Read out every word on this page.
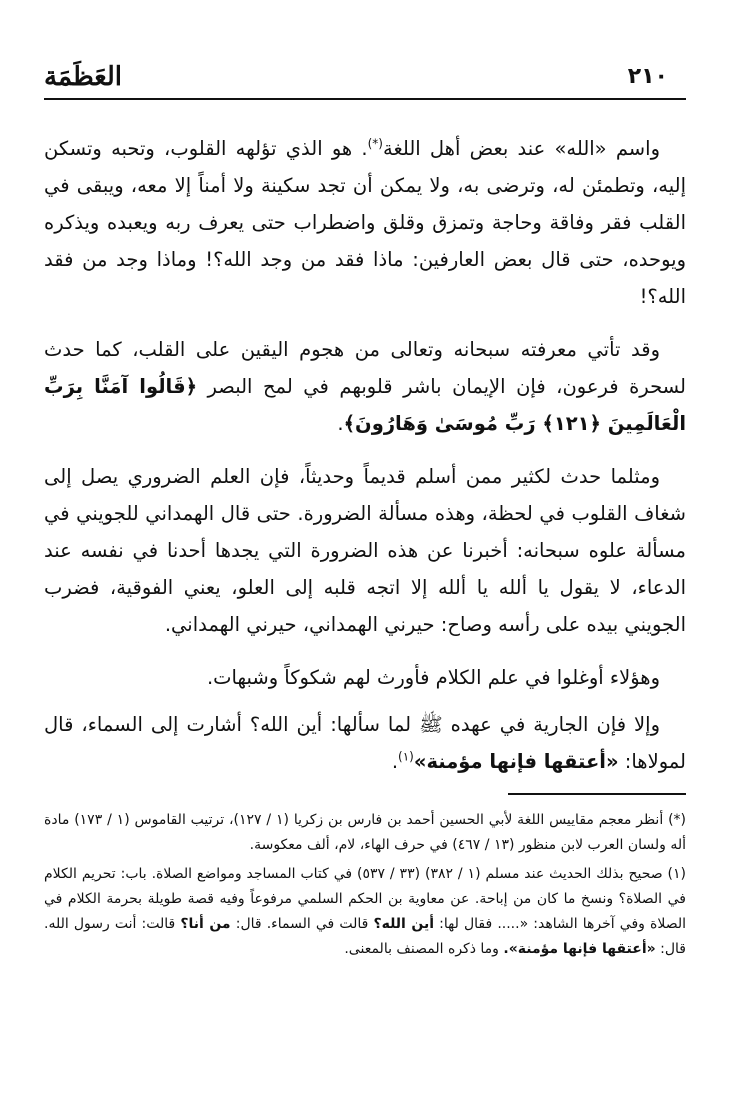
العَظَمَة	٢١٠

واسم «الله» عند بعض أهل اللغة(*). هو الذي تؤلهه القلوب، وتحبه وتسكن إليه، وتطمئن له، وترضى به، ولا يمكن أن تجد سكينة ولا أمناً إلا معه، ويبقى في القلب فقر وفاقة وحاجة وتمزق وقلق واضطراب حتى يعرف ربه ويعبده ويذكره ويوحده، حتى قال بعض العارفين: ماذا فقد من وجد الله؟! وماذا وجد من فقد الله؟!

وقد تأتي معرفته سبحانه وتعالى من هجوم اليقين على القلب، كما حدث لسحرة فرعون، فإن الإيمان باشر قلوبهم في لمح البصر ﴿قَالُوا آمَنَّا بِرَبِّ الْعَالَمِينَ ﴿١٢١﴾ رَبِّ مُوسَىٰ وَهَارُونَ﴾.

ومثلما حدث لكثير ممن أسلم قديماً وحديثاً، فإن العلم الضروري يصل إلى شغاف القلوب في لحظة، وهذه مسألة الضرورة. حتى قال الهمداني للجويني في مسألة علوه سبحانه: أخبرنا عن هذه الضرورة التي يجدها أحدنا في نفسه عند الدعاء، لا يقول يا ألله يا ألله إلا اتجه قلبه إلى العلو، يعني الفوقية، فضرب الجويني بيده على رأسه وصاح: حيرني الهمداني، حيرني الهمداني.

وهؤلاء أوغلوا في علم الكلام فأورث لهم شكوكاً وشبهات.

وإلا فإن الجارية في عهده ﷺ لما سألها: أين الله؟ أشارت إلى السماء، قال لمولاها: «أعتقها فإنها مؤمنة»$^{(١)}$.

(*) أنظر معجم مقاييس اللغة لأبي الحسين أحمد بن فارس بن زكريا (١ / ١٢٧)، ترتيب القاموس (١ / ١٧٣) مادة أله ولسان العرب لابن منظور (١٣ / ٤٦٧) في حرف الهاء، لام، ألف معكوسة.

(١) صحيح بذلك الحديث عند مسلم (١ / ٣٨٢) (٣٣ / ٥٣٧) في كتاب المساجد ومواضع الصلاة. باب: تحريم الكلام في الصلاة؟ ونسخ ما كان من إباحة. عن معاوية بن الحكم السلمي مرفوعاً وفيه قصة طويلة بحرمة الكلام في الصلاة وفي آخرها الشاهد: «..... فقال لها: أين الله؟ قالت في السماء. قال: من أنا؟ قالت: أنت رسول الله. قال: «أعتقها فإنها مؤمنة». وما ذكره المصنف بالمعنى.
